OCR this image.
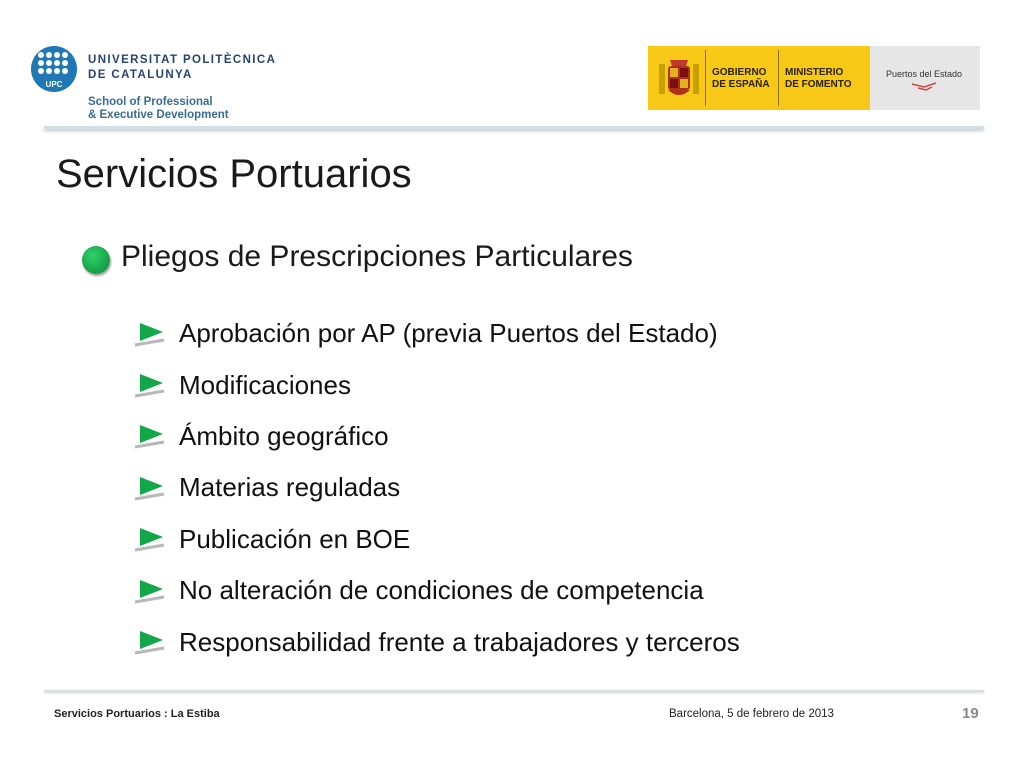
UPC
UNIVERSITAT POLITÈCNICA
DE CATALUNYA
School of Professional
& Executive Development
GOBIERNO
DE ESPAÑA
MINISTERIO
DE FOMENTO
Puertos del Estado
Servicios Portuarios
Pliegos de Prescripciones Particulares
Aprobación por AP (previa Puertos del Estado)
Modificaciones
Ámbito geográfico
Materias reguladas
Publicación en BOE
No alteración de condiciones de competencia
Responsabilidad frente a trabajadores y terceros
Servicios Portuarios : La Estiba	Barcelona, 5 de febrero de 2013	19
